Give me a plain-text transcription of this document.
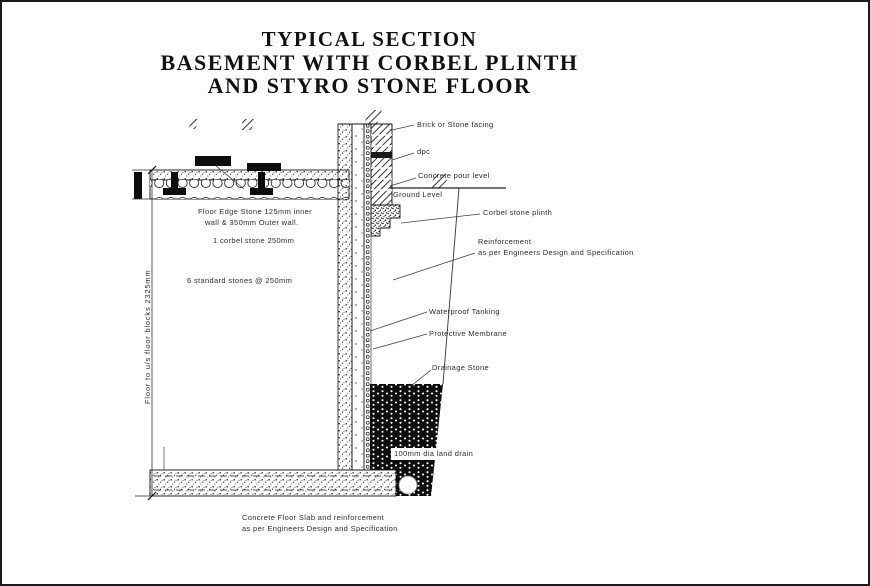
TYPICAL SECTION
BASEMENT WITH CORBEL PLINTH
AND STYRO STONE FLOOR
Brick or Stone facing
dpc
Concrete pour level
Ground Level
Corbel stone plinth
Reinforcement
as per Engineers Design and Specification
Waterproof Tanking
Protective Membrane
Drainage Stone
100mm dia land drain
Floor Edge Stone 125mm inner
wall & 350mm Outer wall.
1 corbel stone 250mm
6 standard stones @ 250mm
Floor to u/s floor blocks 2325mm
Concrete Floor Slab and reinforcement
as per Engineers Design and Specification
